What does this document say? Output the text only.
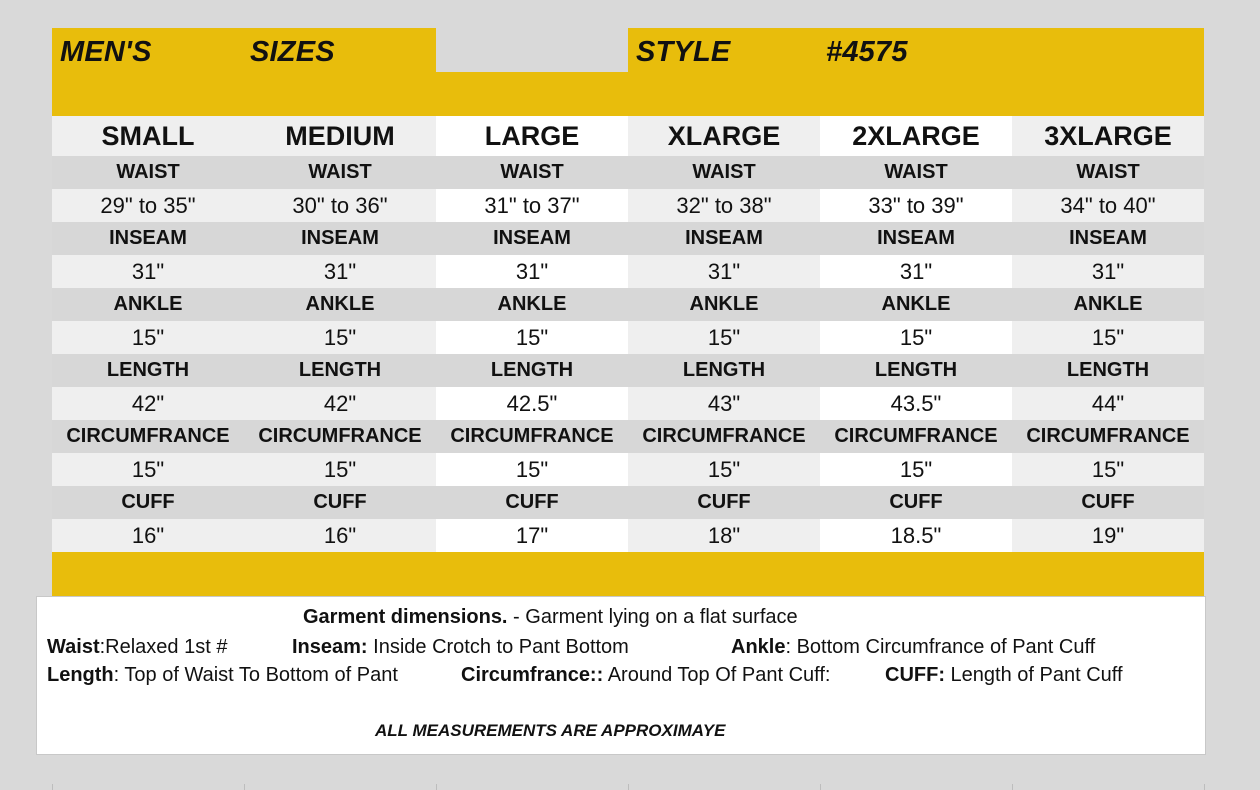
MEN'S	SIZES	STYLE	#4575
SMALL	MEDIUM	LARGE	XLARGE	2XLARGE	3XLARGE
WAIST	WAIST	WAIST	WAIST	WAIST	WAIST
29" to 35"	30" to 36"	31" to 37"	32" to 38"	33" to 39"	34" to 40"
INSEAM	INSEAM	INSEAM	INSEAM	INSEAM	INSEAM
31"	31"	31"	31"	31"	31"
ANKLE	ANKLE	ANKLE	ANKLE	ANKLE	ANKLE
15"	15"	15"	15"	15"	15"
LENGTH	LENGTH	LENGTH	LENGTH	LENGTH	LENGTH
42"	42"	42.5"	43"	43.5"	44"
CIRCUMFRANCE	CIRCUMFRANCE	CIRCUMFRANCE	CIRCUMFRANCE	CIRCUMFRANCE	CIRCUMFRANCE
15"	15"	15"	15"	15"	15"
CUFF	CUFF	CUFF	CUFF	CUFF	CUFF
16"	16"	17"	18"	18.5"	19"
Garment dimensions. - Garment lying on a flat surface
Waist:Relaxed 1st #	Inseam: Inside Crotch to Pant Bottom	Ankle: Bottom Circumfrance of Pant Cuff
Length: Top of Waist To Bottom of Pant	Circumfrance:: Around Top Of Pant Cuff:	CUFF: Length of Pant Cuff
ALL MEASUREMENTS ARE APPROXIMAYE
